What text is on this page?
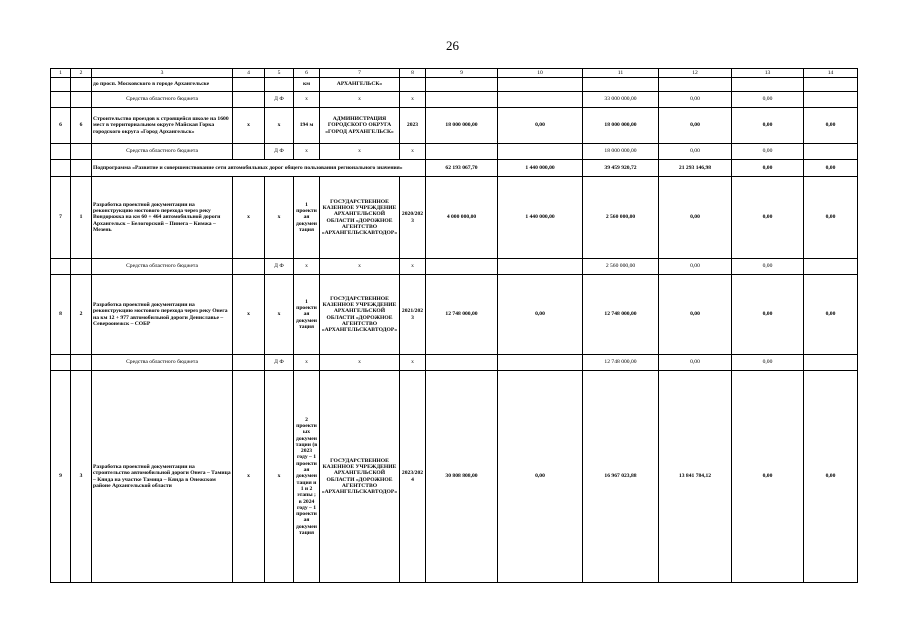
26
1	2	3	4	5	6	7	8	9	10	11	12	13	14
		до просп. Московского в городе Архангельске			км	АРХАНГЕЛЬСК»							
		Средства областного бюджета		Д Ф	х	х	х			33 000 000,00	0,00	0,00	
6	6	Строительство проездов к строящейся школе на 1600 мест в территориальном округе Майская Горка городского округа «Город Архангельск»	х	х	194 м	АДМИНИСТРАЦИЯ ГОРОДСКОГО ОКРУГА «ГОРОД АРХАНГЕЛЬСК»	2023	18 000 000,00	0,00	18 000 000,00	0,00	0,00	0,00
		Средства областного бюджета		Д Ф	х	х	х			18 000 000,00	0,00	0,00	
		Подпрограмма «Развитие и совершенствование сети автомобильных дорог общего пользования регионального значения»						62 193 067,70	1 440 000,00	39 459 920,72	21 293 146,98	0,00	0,00
7	1	Разработка проектной документации на реконструкцию мостового перехода через реку Вондорожка на км 60 + 464 автомобильной дороги Архангельск – Белогорский – Пинега – Кимжа – Мезень	х	х	1 проектная документация	ГОСУДАРСТВЕННОЕ КАЗЕННОЕ УЧРЕЖДЕНИЕ АРХАНГЕЛЬСКОЙ ОБЛАСТИ «ДОРОЖНОЕ АГЕНТСТВО «АРХАНГЕЛЬСКАВТОДОР»	2020/2023	4 000 000,00	1 440 000,00	2 560 000,00	0,00	0,00	0,00
		Средства областного бюджета		Д Ф	х	х	х			2 560 000,00	0,00	0,00	
8	2	Разработка проектной документации на реконструкцию мостового перехода через реку Онега на км 12 + 977 автомобильной дороги Дениславье – Североонежск – СОБР	х	х	1 проектная документация	ГОСУДАРСТВЕННОЕ КАЗЕННОЕ УЧРЕЖДЕНИЕ АРХАНГЕЛЬСКОЙ ОБЛАСТИ «ДОРОЖНОЕ АГЕНТСТВО «АРХАНГЕЛЬСКАВТОДОР»	2021/2023	12 748 000,00	0,00	12 748 000,00	0,00	0,00	0,00
		Средства областного бюджета		Д Ф	х	х	х			12 748 000,00	0,00	0,00	
9	3	Разработка проектной документации на строительство автомобильной дороги Онега – Тамица – Кянда на участке Тамица – Кянда в Онежском районе Архангельской области	х	х	2 проектных документации (в 2023 году – 1 проектная документация и 1 и 2 этапы ; в 2024 году – 1 проектная документация	ГОСУДАРСТВЕННОЕ КАЗЕННОЕ УЧРЕЖДЕНИЕ АРХАНГЕЛЬСКОЙ ОБЛАСТИ «ДОРОЖНОЕ АГЕНТСТВО «АРХАНГЕЛЬСКАВТОДОР»	2023/2024	30 808 808,00	0,00	16 967 023,88	13 841 784,12	0,00	0,00
